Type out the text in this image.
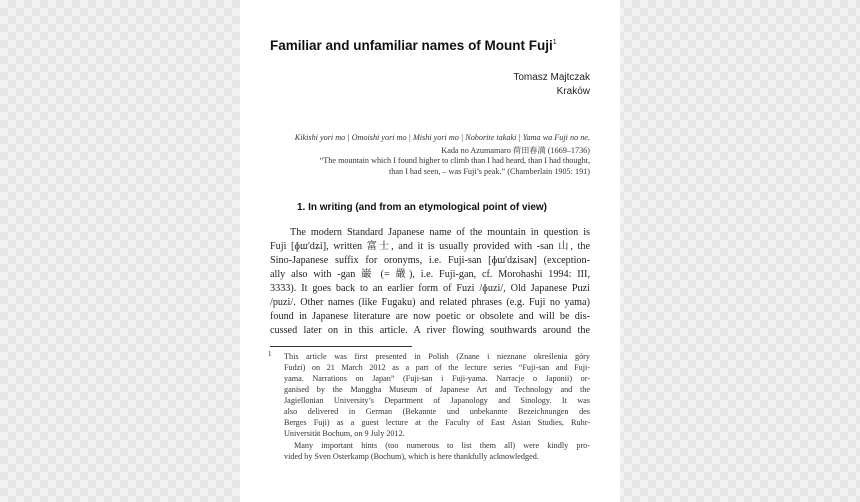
Familiar and unfamiliar names of Mount Fuji$^1$
Tomasz Majtczak
Kraków
Kikishi yori mo | Omoishi yori mo | Mishi yori mo | Noborite takaki | Yama wa Fuji no ne.
Kada no Azumamaro 荷田春満 (1669–1736)
“The mountain which I found higher to climb than I had heard, than I had thought,
than I had seen, – was Fuji’s peak.” (Chamberlain 1905: 191)
1. In writing (and from an etymological point of view)
The modern Standard Japanese name of the mountain in question is
Fuji [ɸɯ'dʑi], written 富士, and it is usually provided with -san 山, the
Sino-Japanese suffix for oronyms, i.e. Fuji-san [ɸɯ'dʑisaɴ] (exception-
ally also with -gan 巌 (= 嚴), i.e. Fuji-gan, cf. Morohashi 1994: III,
3333). It goes back to an earlier form of Fuzi /ɸuzi/, Old Japanese Puzi
/puzi/. Other names (like Fugaku) and related phrases (e.g. Fuji no yama)
found in Japanese literature are now poetic or obsolete and will be dis-
cussed later on in this article. A river flowing southwards around the
1 This article was first presented in Polish (Znane i nieznane określenia góry
Fudzi) on 21 March 2012 as a part of the lecture series “Fuji-san and Fuji-
yama. Narrations on Japan” (Fuji-san i Fuji-yama. Narracje o Japonii) or-
ganised by the Manggha Museum of Japanese Art and Technology and the
Jagiellonian University’s Department of Japanology and Sinology. It was
also delivered in German (Bekannte und unbekannte Bezeichnungen des
Berges Fuji) as a guest lecture at the Faculty of East Asian Studies, Ruhr-
Universität Bochum, on 9 July 2012.
Many important hints (too numerous to list them all) were kindly pro-
vided by Sven Osterkamp (Bochum), which is here thankfully acknowledged.
